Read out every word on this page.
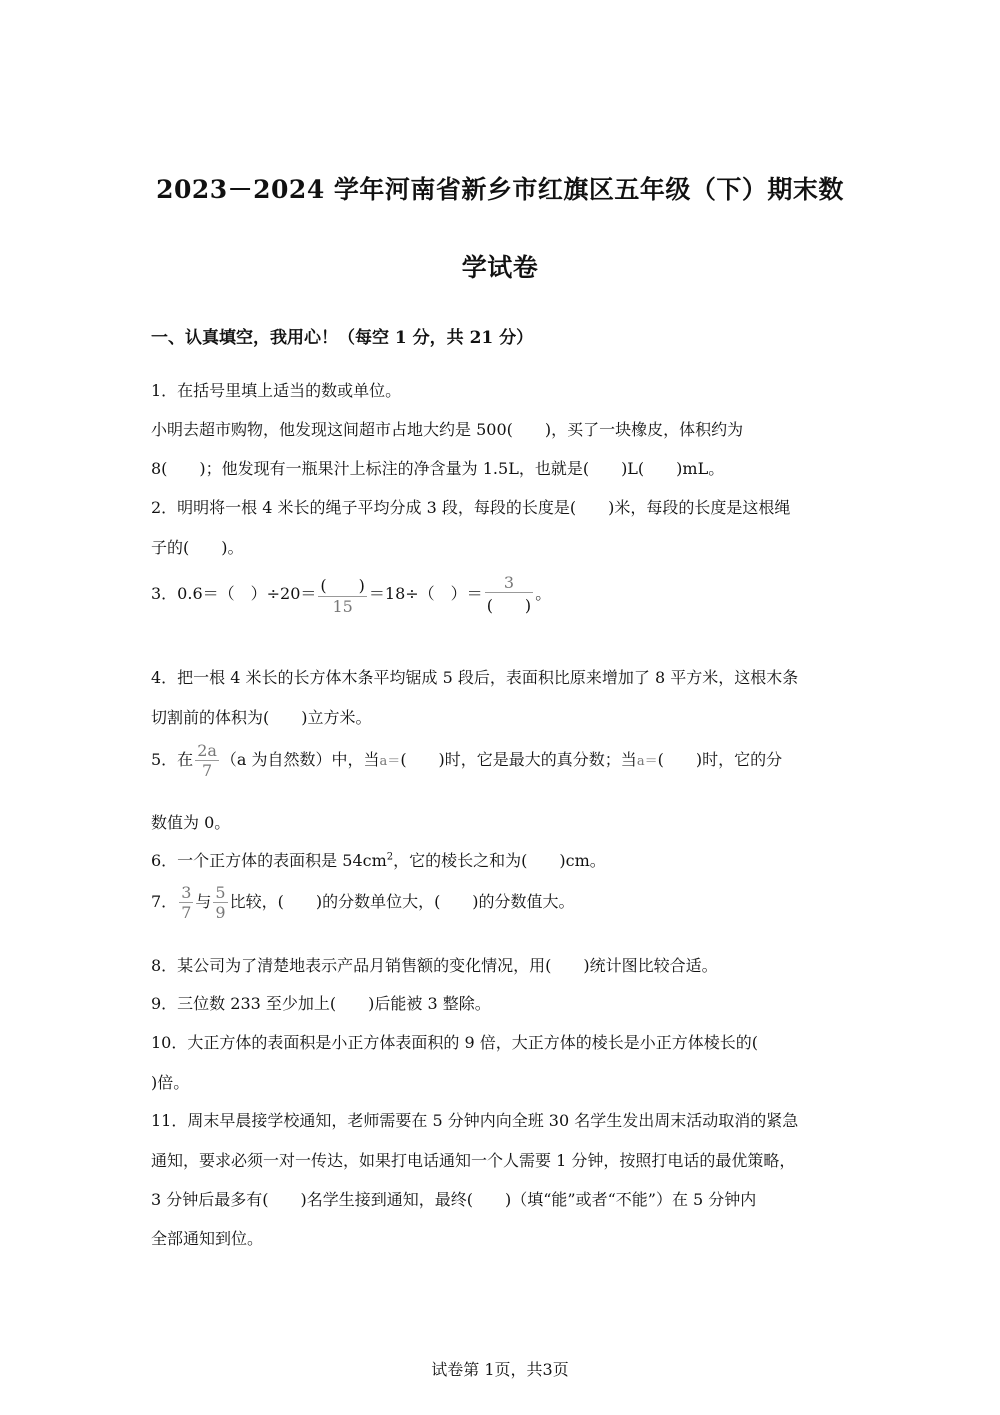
2023－2024 学年河南省新乡市红旗区五年级（下）期末数
学试卷
一、认真填空，我用心！（每空 1 分，共 21 分）
1．在括号里填上适当的数或单位。
小明去超市购物，他发现这间超市占地大约是 500(　　)，买了一块橡皮，体积约为
8(　　)；他发现有一瓶果汁上标注的净含量为 1.5L，也就是(　　)L(　　)mL。
2．明明将一根 4 米长的绳子平均分成 3 段，每段的长度是(　　)米，每段的长度是这根绳
子的(　　)。
3．0.6＝（　）$\div 20= \frac{( )}{15} =18\div$（　）＝ $\frac{3}{( )}$ 。
4．把一根 4 米长的长方体木条平均锯成 5 段后，表面积比原来增加了 8 平方米，这根木条
切割前的体积为(　　)立方米。
5．在 $\frac{2a}{7} (a$ 为自然数）中，当a＝(　　)时，它是最大的真分数；当a＝(　　)时，它的分
数值为 0。
6．一个正方体的表面积是 $54cm^2$，它的棱长之和为(　　)cm。
7． $\frac{3}{7}$ 与 $\frac{5}{9}$ 比较，(　　)的分数单位大，(　　)的分数值大。
8．某公司为了清楚地表示产品月销售额的变化情况，用(　　)统计图比较合适。
9．三位数 233 至少加上(　　)后能被 3 整除。
10．大正方体的表面积是小正方体表面积的 9 倍，大正方体的棱长是小正方体棱长的(
)倍。
11．周末早晨接学校通知，老师需要在 5 分钟内向全班 30 名学生发出周末活动取消的紧急
通知，要求必须一对一传达，如果打电话通知一个人需要 1 分钟，按照打电话的最优策略，
3 分钟后最多有(　　)名学生接到通知，最终(　　)（填“能”或者“不能”）在 5 分钟内
全部通知到位。
试卷第 1页，共3页
